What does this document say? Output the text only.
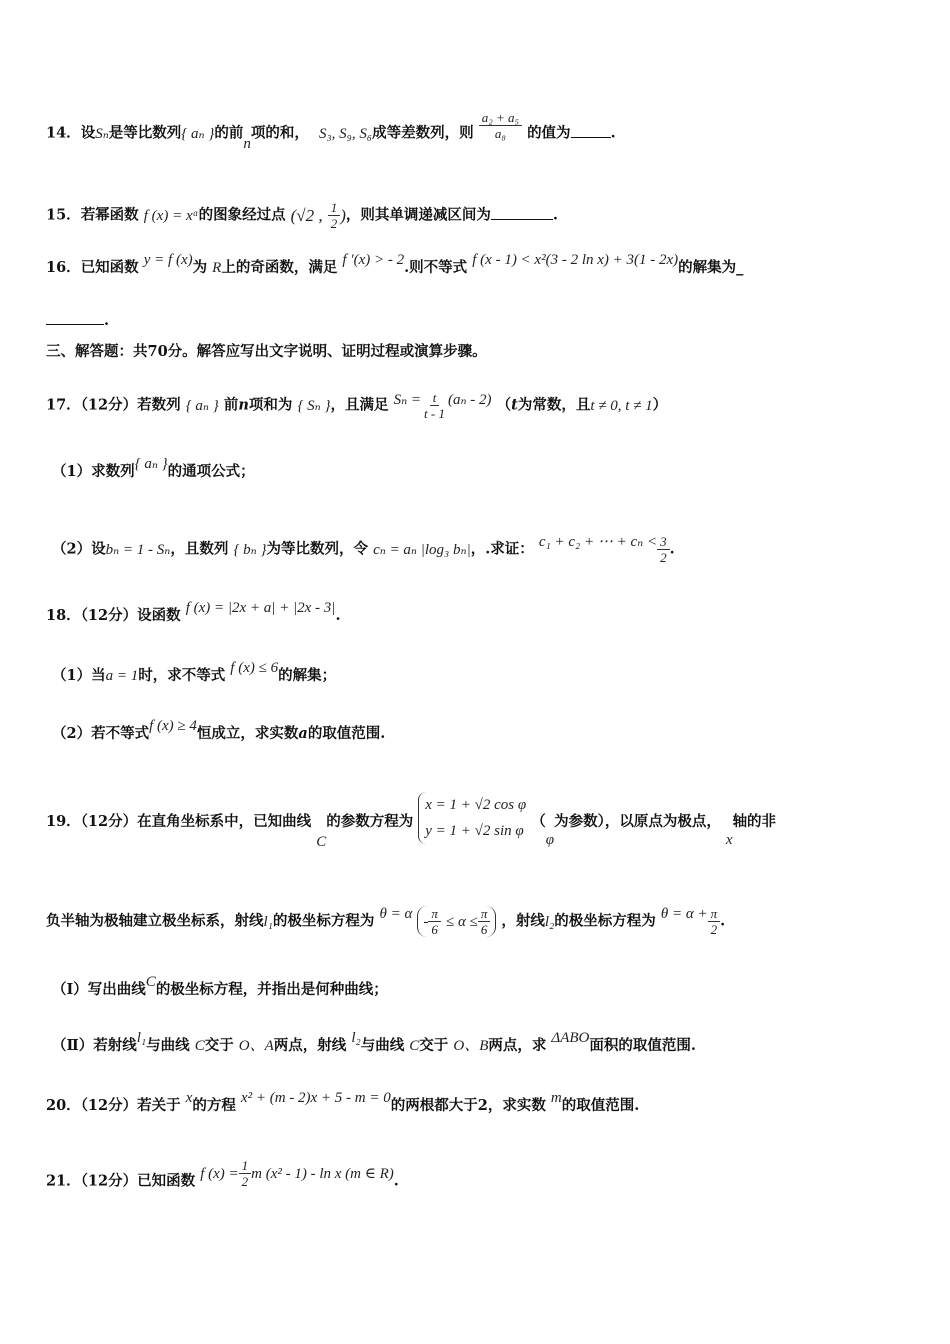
14．设Sₙ是等比数列{ aₙ }的前n项的和， S₃, S₉, S₆成等差数列，则 $\frac{\text{a₂ + a₅}}{\text{a₈}}$ 的值为	.
15．若幂函数 f (x) = xᵅ的图象经过点 (√2 , $\frac{1}{2}$ )，则其单调递减区间为	.
16．已知函数 y = f (x)为 R上的奇函数，满足 f ′(x) > - 2.则不等式 f (x - 1) < x²(3 - 2 ln x) + 3(1 - 2x)的解集为_
.
三、解答题：共70分。解答应写出文字说明、证明过程或演算步骤。
17．（12分）若数列 { aₙ } 前n项和为 { Sₙ }，且满足 $S_n = \frac{t}{t - 1} (a_n - 2)$ （t为常数，且t ≠ 0, t ≠ 1）
（1）求数列{ aₙ }的通项公式；
（2）设bₙ = 1 - Sₙ，且数列 { bₙ }为等比数列，令 cₙ = aₙ |log₃ bₙ|，.求证： c₁ + c₂ + ⋯ + $c_n < \frac{3}{2}$ .
18．（12分）设函数 f (x) = |2x + a| + |2x - 3|.
（1）当a = 1时，求不等式 f (x) ≤ 6的解集；
（2）若不等式f (x) ≥ 4恒成立，求实数a的取值范围.
19．（12分）在直角坐标系中，已知曲线 C的参数方程为
x = 1 + √2 cos φ
y = 1 + √2 sin φ
（φ为参数），以原点为极点， x轴的非
负半轴为极轴建立极坐标系，射线l₁的极坐标方程为 $\theta = \alpha - \frac{\pi}{6} \le \alpha \le \frac{\pi}{6}$ ，射线l₂的极坐标方程为 $\theta = \alpha + \frac{\pi}{2}$ .
（Ⅰ）写出曲线C的极坐标方程，并指出是何种曲线；
（Ⅱ）若射线l₁与曲线 C交于 O、A两点，射线 l₂与曲线 C交于 O、B两点，求 ΔABO面积的取值范围.
20．（12分）若关于 x的方程 x² + (m - 2)x + 5 - m = 0的两根都大于2，求实数 m的取值范围.
21．（12分）已知函数 f $(x) = \frac{1}{2}$ m (x² - 1) - ln x (m ∈ R).
